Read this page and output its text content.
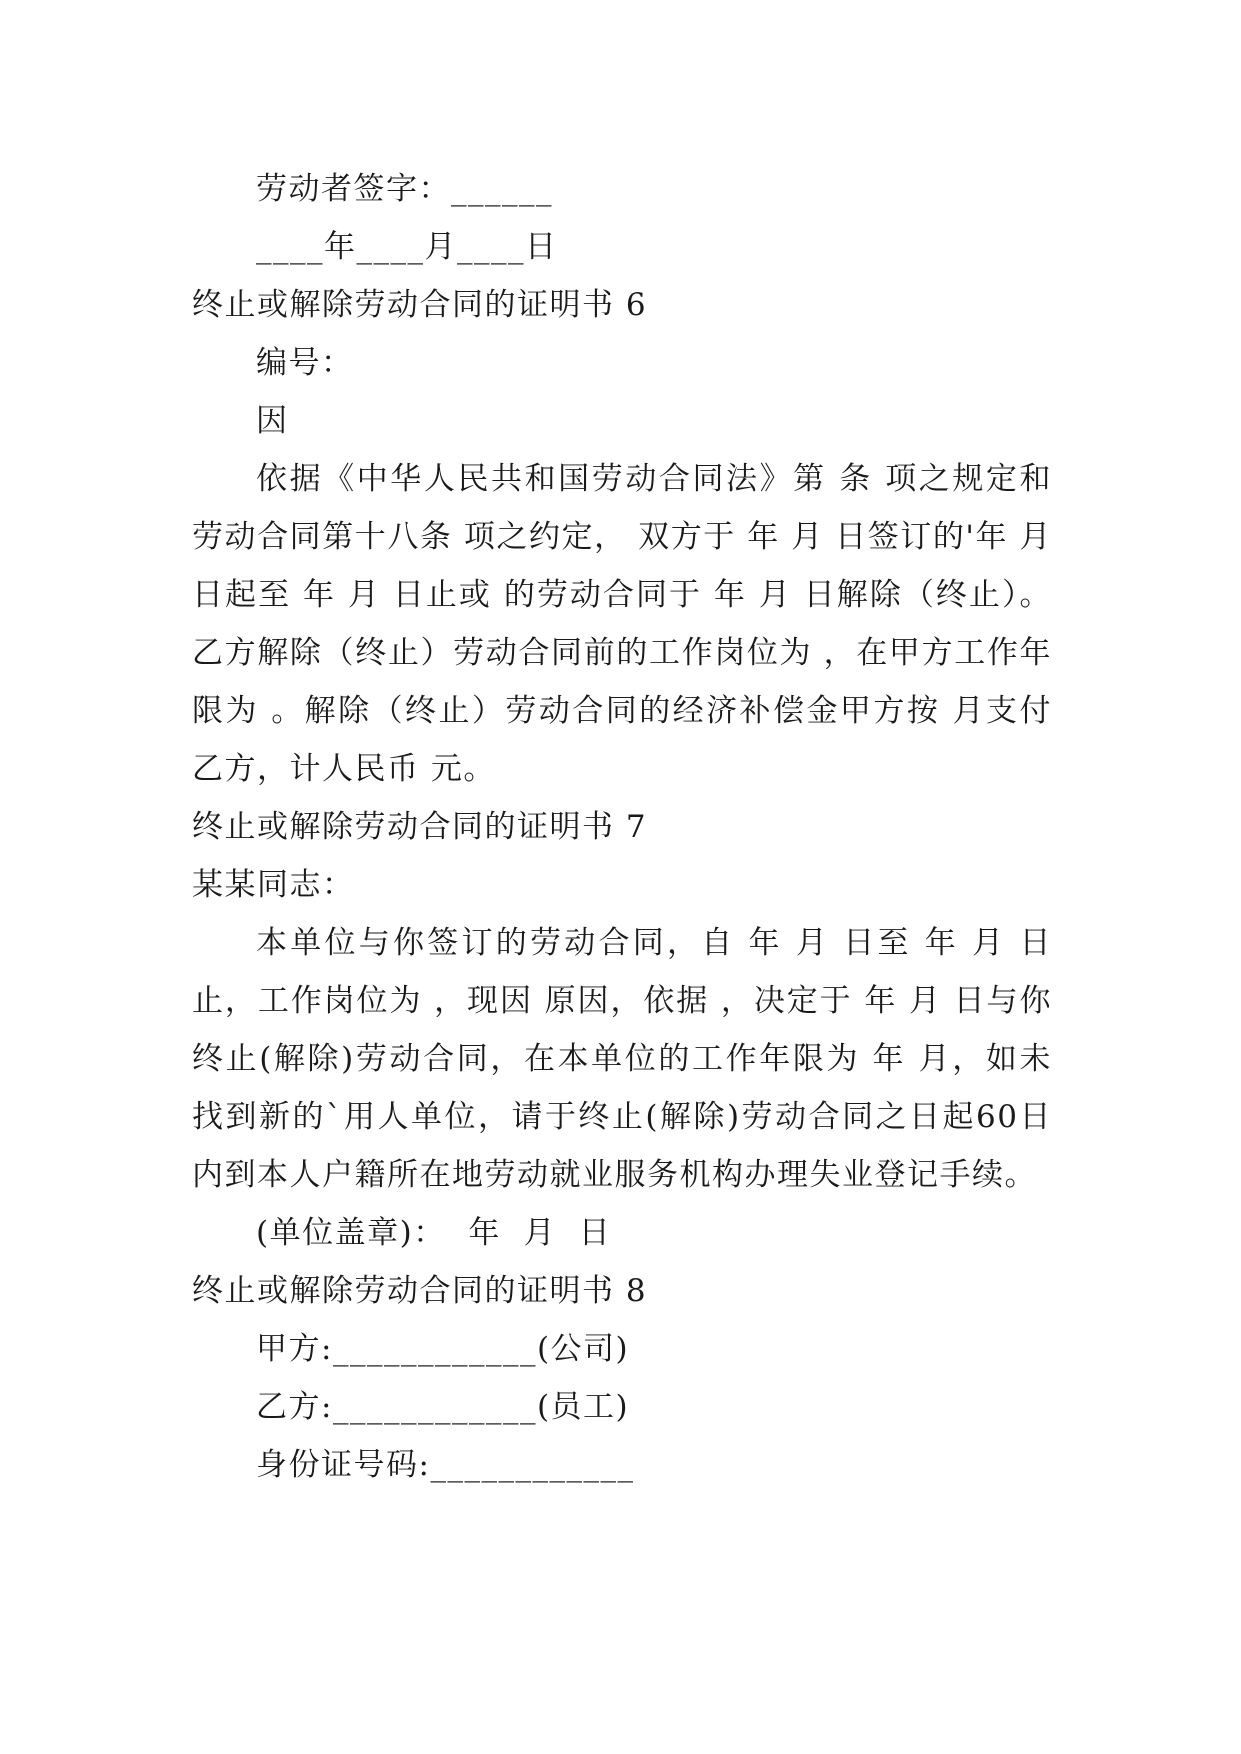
劳动者签字：______
____年____月____日
终止或解除劳动合同的证明书 6
编号：
因

依据《中华人民共和国劳动合同法》第 条 项之规定和劳动合同第十八条 项之约定， 双方于 年 月 日签订的'年 月 日起至 年 月 日止或 的劳动合同于 年 月 日解除（终止）。乙方解除（终止）劳动合同前的工作岗位为 ，在甲方工作年限为 。解除（终止）劳动合同的经济补偿金甲方按 月支付乙方，计人民币 元。

终止或解除劳动合同的证明书 7
某某同志：

本单位与你签订的劳动合同，自 年 月 日至 年 月 日止，工作岗位为 ，现因 原因，依据 ，决定于 年 月 日与你终止(解除)劳动合同，在本单位的工作年限为 年 月，如未找到新的`用人单位，请于终止(解除)劳动合同之日起60日内到本人户籍所在地劳动就业服务机构办理失业登记手续。

(单位盖章)：  年  月  日
终止或解除劳动合同的证明书 8
甲方:____________(公司)
乙方:____________(员工)
身份证号码:____________
